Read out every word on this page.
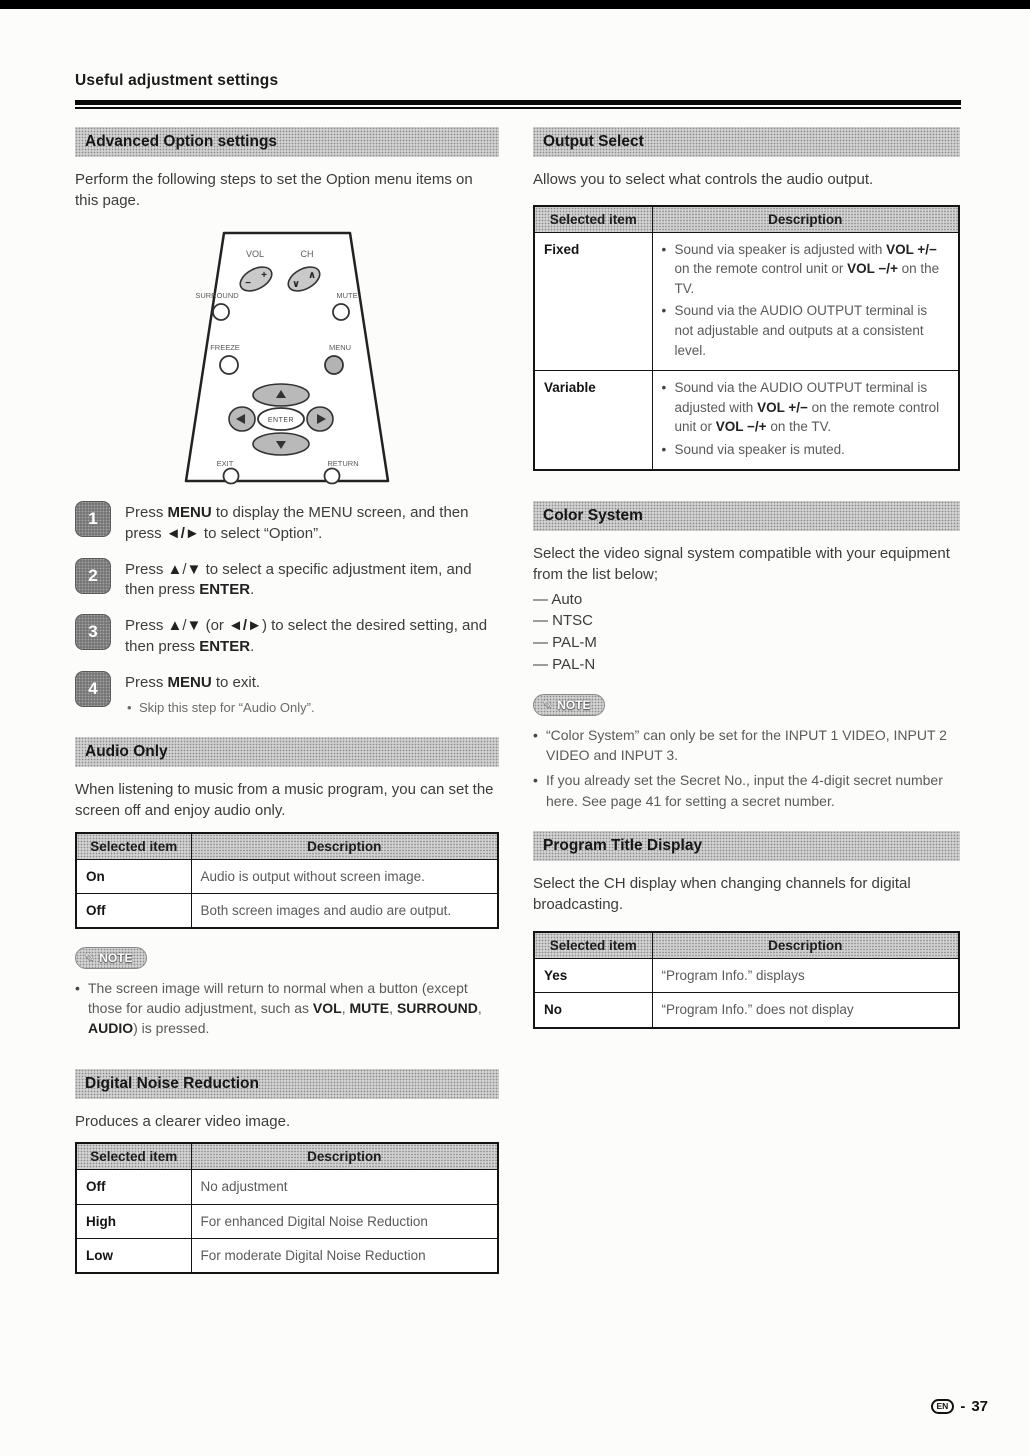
Useful adjustment settings
Advanced Option settings

Perform the following steps to set the Option menu items on this page.

VOL	CH
+
−
∧
∨
SURROUND	MUTE
FREEZE	MENU
ENTER
EXIT	RETURN
1	Press MENU to display the MENU screen, and then press ◄/► to select “Option”.
2	Press ▲/▼ to select a specific adjustment item, and then press ENTER.
3	Press ▲/▼ (or ◄/►) to select the desired setting, and then press ENTER.
4	Press MENU to exit.
• Skip this step for “Audio Only”.
Audio Only

When listening to music from a music program, you can set the screen off and enjoy audio only.

Selected item	Description
On	Audio is output without screen image.
Off	Both screen images and audio are output.
✎ NOTE
• The screen image will return to normal when a button (except those for audio adjustment, such as VOL, MUTE, SURROUND, AUDIO) is pressed.
Digital Noise Reduction

Produces a clearer video image.

Selected item	Description
Off	No adjustment
High	For enhanced Digital Noise Reduction
Low	For moderate Digital Noise Reduction
Output Select

Allows you to select what controls the audio output.

Selected item	Description
Fixed	• Sound via speaker is adjusted with VOL +/− on the remote control unit or VOL −/+ on the TV.
• Sound via the AUDIO OUTPUT terminal is not adjustable and outputs at a consistent level.

Variable	• Sound via the AUDIO OUTPUT terminal is adjusted with VOL +/− on the remote control unit or VOL −/+ on the TV.
• Sound via speaker is muted.
Color System

Select the video signal system compatible with your equipment from the list below;

— Auto
— NTSC
— PAL-M
— PAL-N
✎ NOTE
• “Color System” can only be set for the INPUT 1 VIDEO, INPUT 2 VIDEO and INPUT 3.
• If you already set the Secret No., input the 4-digit secret number here. See page 41 for setting a secret number.
Program Title Display

Select the CH display when changing channels for digital broadcasting.

Selected item	Description
Yes	“Program Info.” displays
No	“Program Info.” does not display
EN - 37
